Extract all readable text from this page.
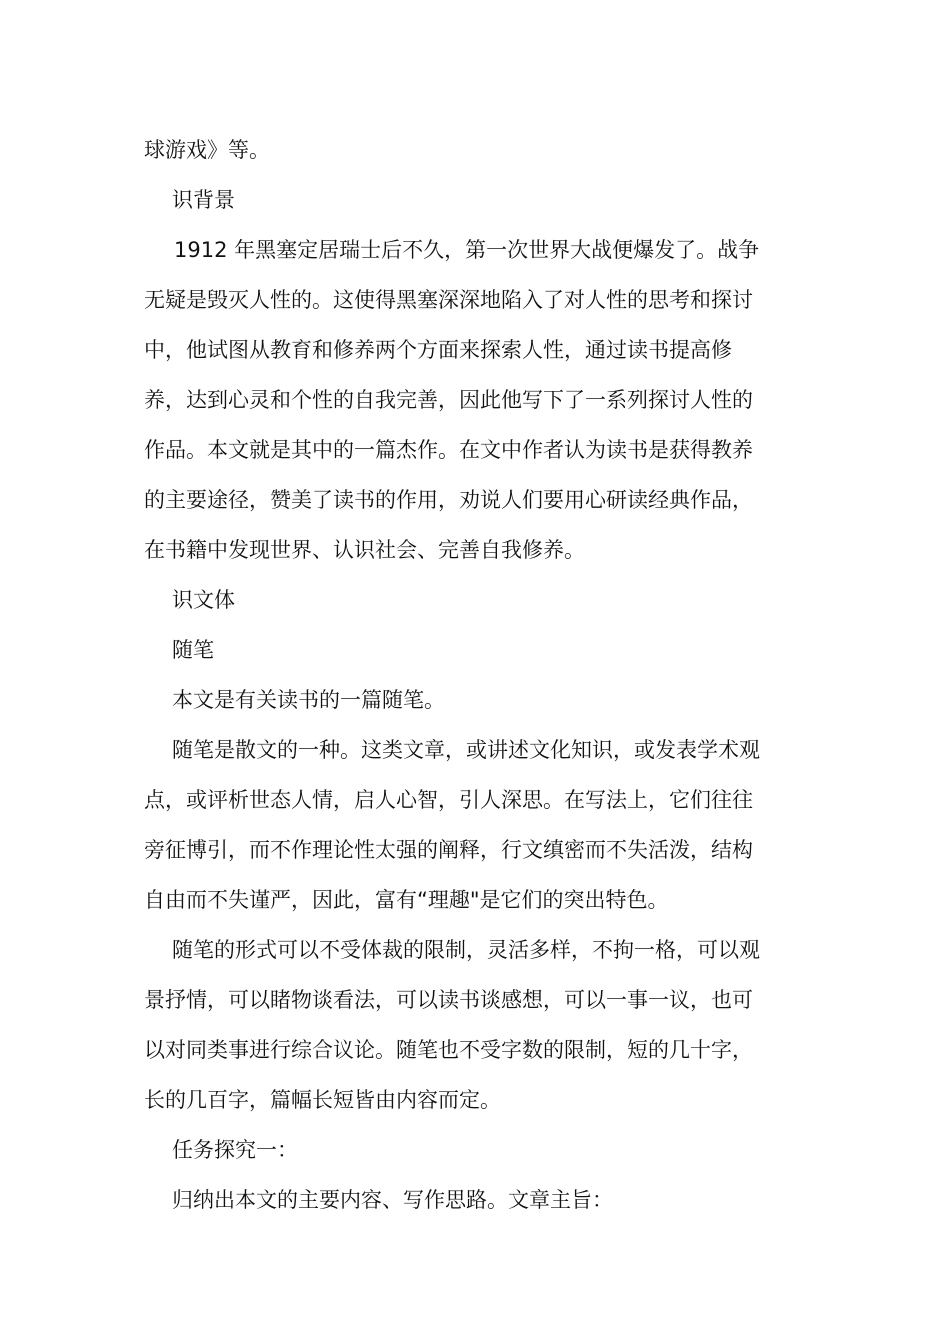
球游戏》等。
识背景
1912 年黑塞定居瑞士后不久，第一次世界大战便爆发了。战争
无疑是毁灭人性的。这使得黑塞深深地陷入了对人性的思考和探讨
中，他试图从教育和修养两个方面来探索人性，通过读书提高修
养，达到心灵和个性的自我完善，因此他写下了一系列探讨人性的
作品。本文就是其中的一篇杰作。在文中作者认为读书是获得教养
的主要途径，赞美了读书的作用，劝说人们要用心研读经典作品，
在书籍中发现世界、认识社会、完善自我修养。
识文体
随笔
本文是有关读书的一篇随笔。
随笔是散文的一种。这类文章，或讲述文化知识，或发表学术观
点，或评析世态人情，启人心智，引人深思。在写法上，它们往往
旁征博引，而不作理论性太强的阐释，行文缜密而不失活泼，结构
自由而不失谨严，因此，富有“理趣"是它们的突出特色。
随笔的形式可以不受体裁的限制，灵活多样，不拘一格，可以观
景抒情，可以睹物谈看法，可以读书谈感想，可以一事一议，也可
以对同类事进行综合议论。随笔也不受字数的限制，短的几十字，
长的几百字，篇幅长短皆由内容而定。
任务探究一：
归纳出本文的主要内容、写作思路。文章主旨：
